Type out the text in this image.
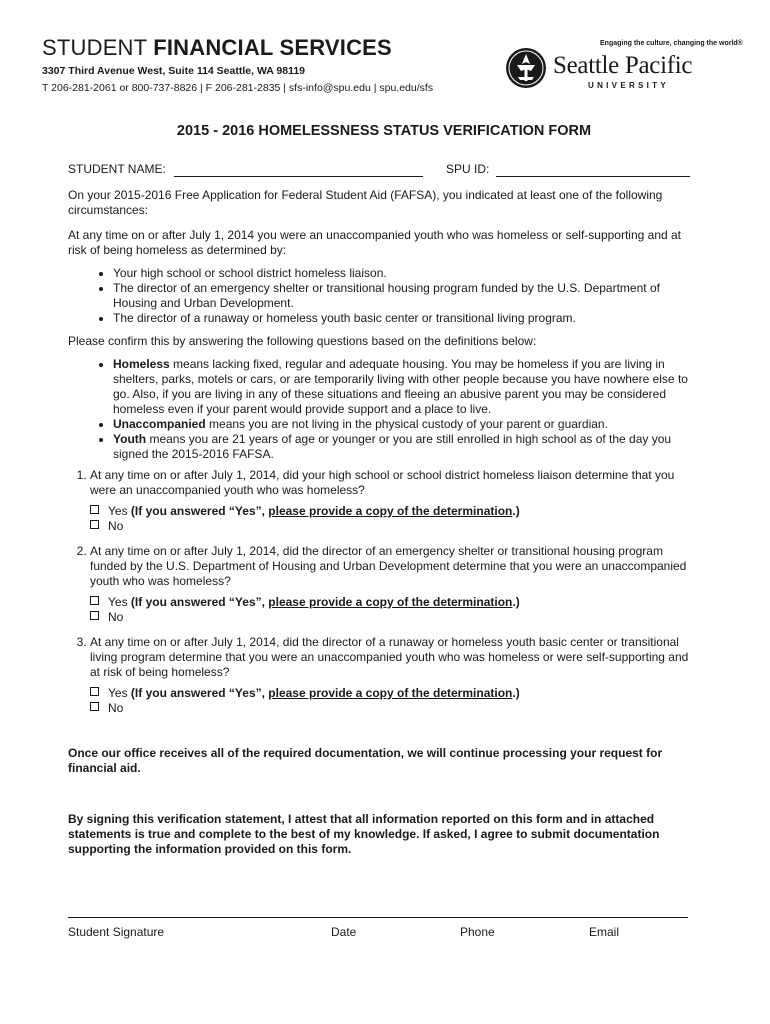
STUDENT FINANCIAL SERVICES
3307 Third Avenue West, Suite 114 Seattle, WA 98119
T 206-281-2061 or 800-737-8826 | F 206-281-2835 | sfs-info@spu.edu | spu.edu/sfs
Engaging the culture, changing the world®
Seattle Pacific
UNIVERSITY
2015 - 2016 HOMELESSNESS STATUS VERIFICATION FORM
STUDENT NAME:	SPU ID:

On your 2015-2016 Free Application for Federal Student Aid (FAFSA), you indicated at least one of the following circumstances:

At any time on or after July 1, 2014 you were an unaccompanied youth who was homeless or self-supporting and at risk of being homeless as determined by:

• Your high school or school district homeless liaison.
• The director of an emergency shelter or transitional housing program funded by the U.S. Department of Housing and Urban Development.
• The director of a runaway or homeless youth basic center or transitional living program.

Please confirm this by answering the following questions based on the definitions below:

• Homeless means lacking fixed, regular and adequate housing. You may be homeless if you are living in shelters, parks, motels or cars, or are temporarily living with other people because you have nowhere else to go. Also, if you are living in any of these situations and fleeing an abusive parent you may be considered homeless even if your parent would provide support and a place to live.
• Unaccompanied means you are not living in the physical custody of your parent or guardian.
• Youth means you are 21 years of age or younger or you are still enrolled in high school as of the day you signed the 2015-2016 FAFSA.
1. At any time on or after July 1, 2014, did your high school or school district homeless liaison determine that you were an unaccompanied youth who was homeless?
Yes (If you answered “Yes”, please provide a copy of the determination.)
No
2. At any time on or after July 1, 2014, did the director of an emergency shelter or transitional housing program funded by the U.S. Department of Housing and Urban Development determine that you were an unaccompanied youth who was homeless?
Yes (If you answered “Yes”, please provide a copy of the determination.)
No
3. At any time on or after July 1, 2014, did the director of a runaway or homeless youth basic center or transitional living program determine that you were an unaccompanied youth who was homeless or were self-supporting and at risk of being homeless?
Yes (If you answered “Yes”, please provide a copy of the determination.)
No

Once our office receives all of the required documentation, we will continue processing your request for financial aid.

By signing this verification statement, I attest that all information reported on this form and in attached statements is true and complete to the best of my knowledge. If asked, I agree to submit documentation supporting the information provided on this form.

Student Signature	Date	Phone	Email
